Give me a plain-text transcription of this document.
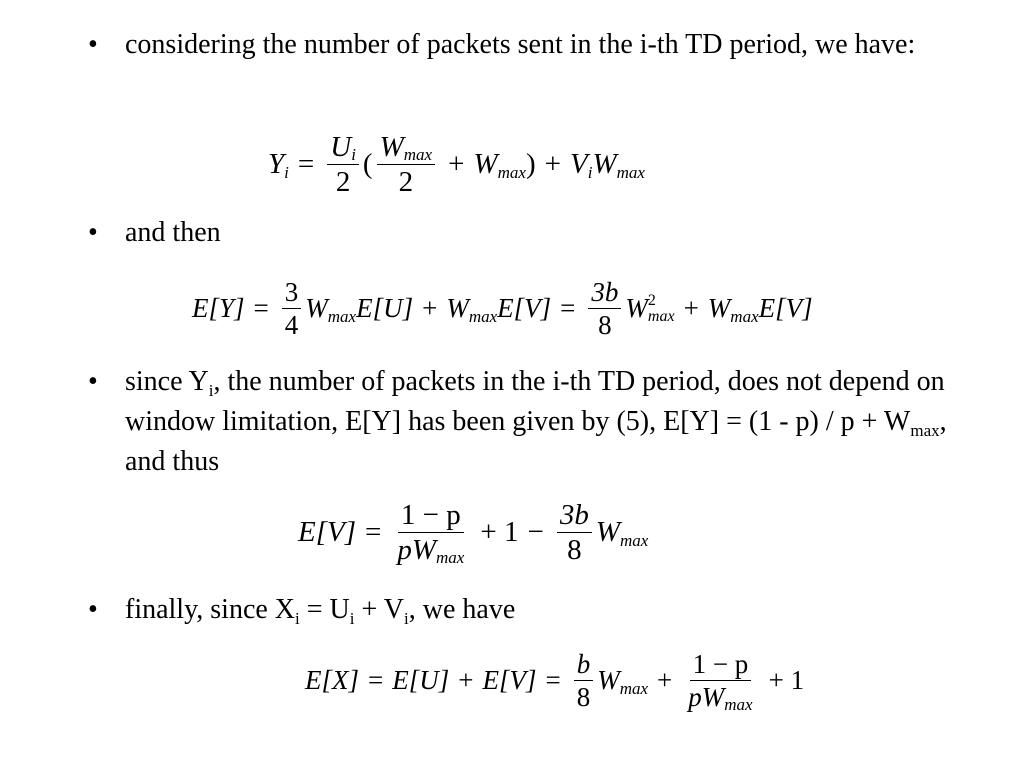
• considering the number of packets sent in the i-th TD period, we have:
Y $i = \frac{Ui}{2}$ ( $\frac{Wmax}{2} + W$ max ) + V i W max
• and then
$E[Y] = \frac{3}{4}$ W max E[U] + W $\max E[V] = \frac{3b}{8}$ W 2
max + W max E[V]
• since $Y_i$, the number of packets in the i-th TD period, does not depend on window limitation, E[Y] has been given by (5), $E[Y] = (1 - p) / p + W_{max}$, and thus
$E[V] = \frac{1 - p}{pWmax} + 1 - \frac{3b}{8}$ W max
• finally, since $X_i = U_i + V_i$, we have
$E[X] = E[U] + E[V] = \frac{b}{8}$ W $\max + \frac{1 - p}{pWmax} + 1$
